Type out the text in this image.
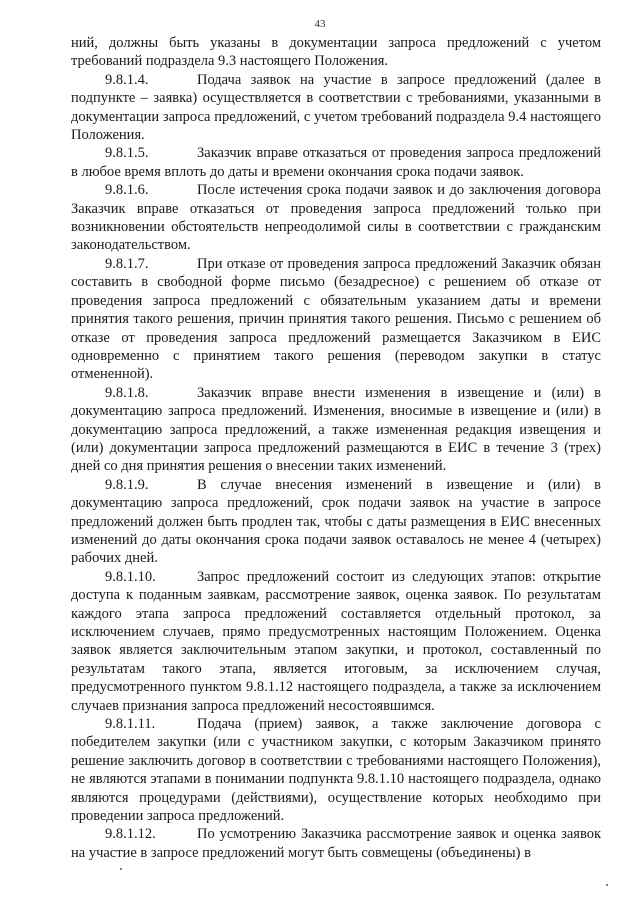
43

ний, должны быть указаны в документации запроса предложений с учетом требований подраздела 9.3 настоящего Положения.

9.8.1.4.	Подача заявок на участие в запросе предложений (далее в подпункте – заявка) осуществляется в соответствии с требованиями, указанными в документации запроса предложений, с учетом требований подраздела 9.4 настоящего Положения.

9.8.1.5.	Заказчик вправе отказаться от проведения запроса предложений в любое время вплоть до даты и времени окончания срока подачи заявок.

9.8.1.6.	После истечения срока подачи заявок и до заключения договора Заказчик вправе отказаться от проведения запроса предложений только при возникновении обстоятельств непреодолимой силы в соответствии с гражданским законодательством.

9.8.1.7.	При отказе от проведения запроса предложений Заказчик обязан составить в свободной форме письмо (безадресное) с решением об отказе от проведения запроса предложений с обязательным указанием даты и времени принятия такого решения, причин принятия такого решения. Письмо с решением об отказе от проведения запроса предложений размещается Заказчиком в ЕИС одновременно с принятием такого решения (переводом закупки в статус отмененной).

9.8.1.8.	Заказчик вправе внести изменения в извещение и (или) в документацию запроса предложений. Изменения, вносимые в извещение и (или) в документацию запроса предложений, а также измененная редакция извещения и (или) документации запроса предложений размещаются в ЕИС в течение 3 (трех) дней со дня принятия решения о внесении таких изменений.

9.8.1.9.	В случае внесения изменений в извещение и (или) в документацию запроса предложений, срок подачи заявок на участие в запросе предложений должен быть продлен так, чтобы с даты размещения в ЕИС внесенных изменений до даты окончания срока подачи заявок оставалось не менее 4 (четырех) рабочих дней.

9.8.1.10.	Запрос предложений состоит из следующих этапов: открытие доступа к поданным заявкам, рассмотрение заявок, оценка заявок. По результатам каждого этапа запроса предложений составляется отдельный протокол, за исключением случаев, прямо предусмотренных настоящим Положением. Оценка заявок является заключительным этапом закупки, и протокол, составленный по результатам такого этапа, является итоговым, за исключением случая, предусмотренного пунктом 9.8.1.12 настоящего подраздела, а также за исключением случаев признания запроса предложений несостоявшимся.

9.8.1.11.	Подача (прием) заявок, а также заключение договора с победителем закупки (или с участником закупки, с которым Заказчиком принято решение заключить договор в соответствии с требованиями настоящего Положения), не являются этапами в понимании подпункта 9.8.1.10 настоящего подраздела, однако являются процедурами (действиями), осуществление которых необходимо при проведении запроса предложений.

9.8.1.12.	По усмотрению Заказчика рассмотрение заявок и оценка заявок на участие в запросе предложений могут быть совмещены (объединены) в
